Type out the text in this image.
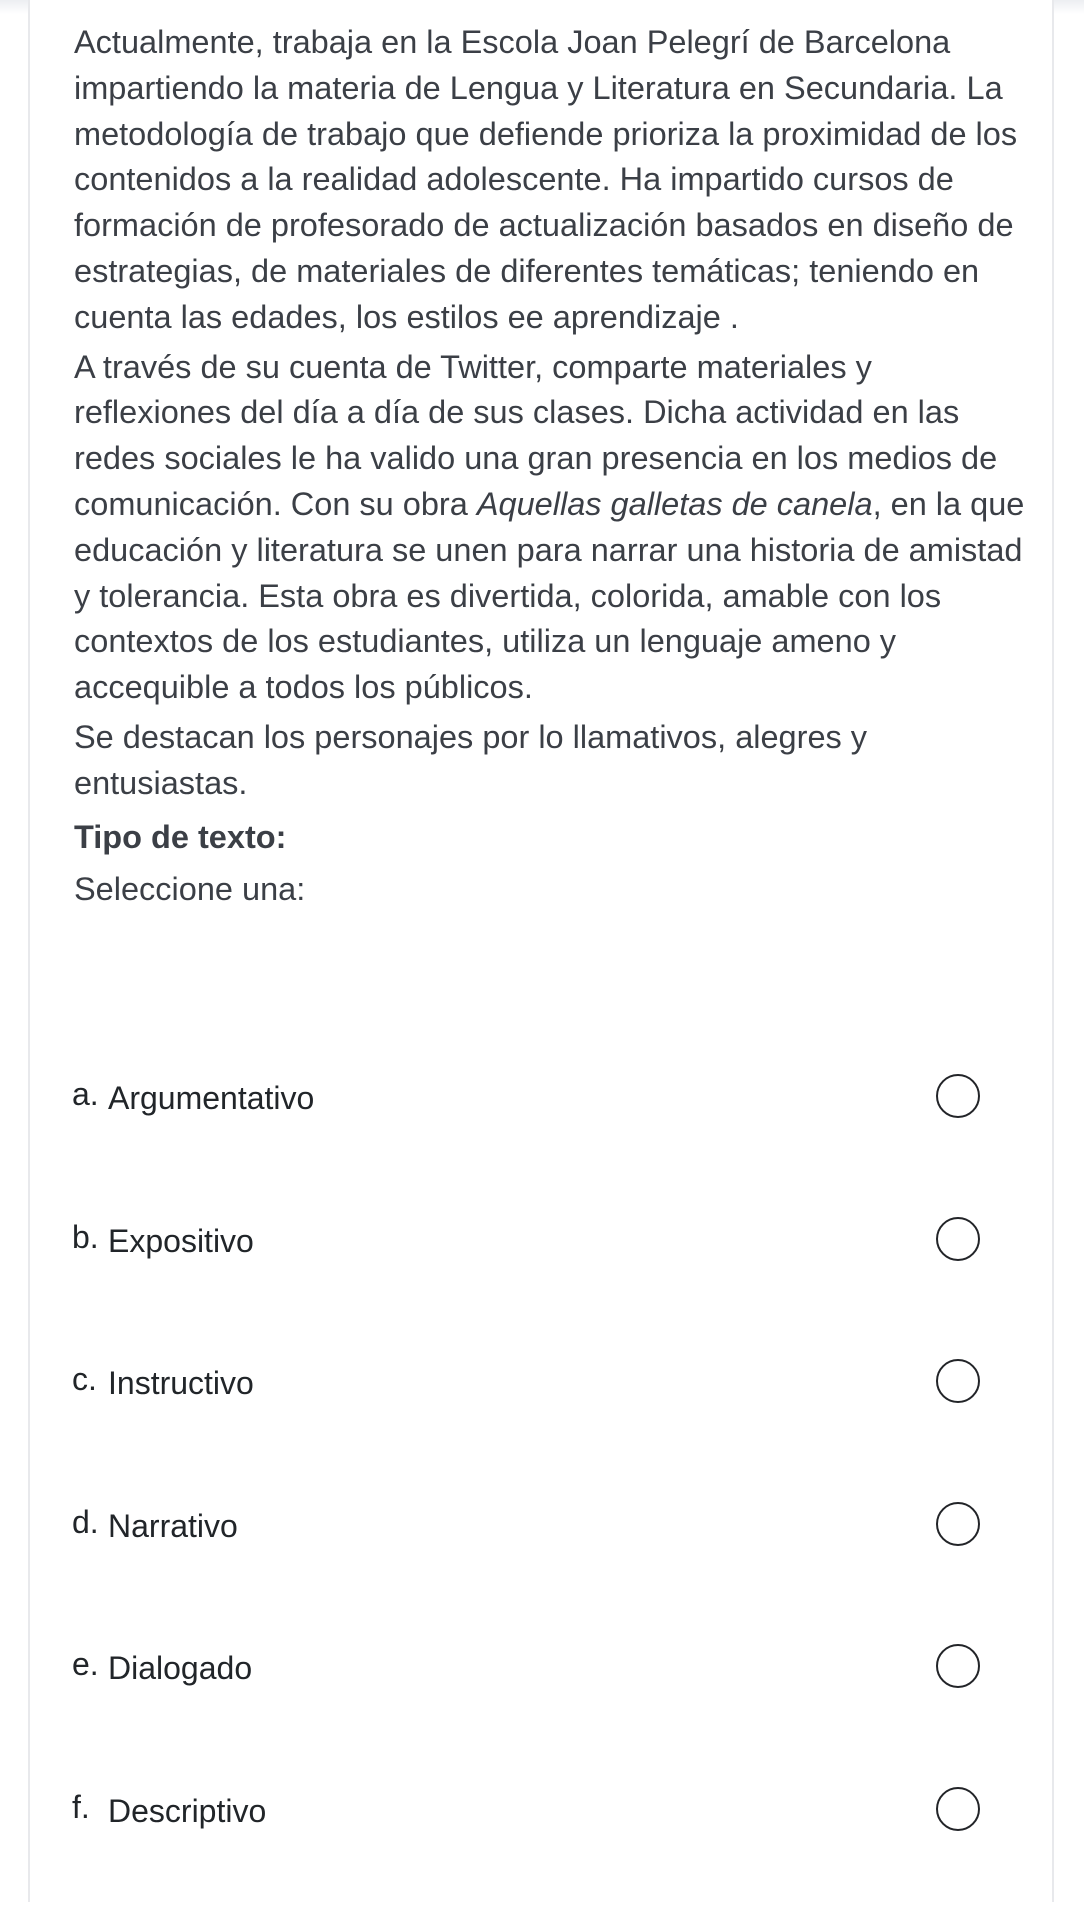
Actualmente, trabaja en la Escola Joan Pelegrí de Barcelona impartiendo la materia de Lengua y Literatura en Secundaria. La metodología de trabajo que defiende prioriza la proximidad de los contenidos a la realidad adolescente. Ha impartido cursos de formación de profesorado de actualización basados en diseño de estrategias, de materiales de diferentes temáticas; teniendo en cuenta las edades, los estilos ee aprendizaje .

A través de su cuenta de Twitter, comparte materiales y reflexiones del día a día de sus clases. Dicha actividad en las redes sociales le ha valido una gran presencia en los medios de comunicación. Con su obra Aquellas galletas de canela, en la que educación y literatura se unen para narrar una historia de amistad y tolerancia. Esta obra es divertida, colorida, amable con los contextos de los estudiantes, utiliza un lenguaje ameno y accequible a todos los públicos.

Se destacan los personajes por lo llamativos, alegres y entusiastas.

Tipo de texto:

Seleccione una:

a. Argumentativo
b. Expositivo
c. Instructivo
d. Narrativo
e. Dialogado
f. Descriptivo
